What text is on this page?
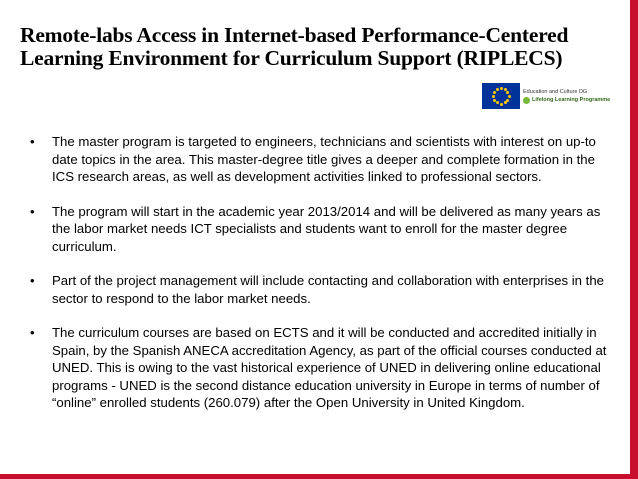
Remote-labs Access in Internet-based Performance-Centered Learning Environment for Curriculum Support (RIPLECS)
Education and Culture DG
Lifelong Learning Programme
• The master program is targeted to engineers, technicians and scientists with interest on up-to date topics in the area. This master-degree title gives a deeper and complete formation in the ICS research areas, as well as development activities linked to professional sectors.
• The program will start in the academic year 2013/2014 and will be delivered as many years as the labor market needs ICT specialists and students want to enroll for the master degree curriculum.
• Part of the project management will include contacting and collaboration with enterprises in the sector to respond to the labor market needs.
• The curriculum courses are based on ECTS and it will be conducted and accredited initially in Spain, by the Spanish ANECA accreditation Agency, as part of the official courses conducted at UNED. This is owing to the vast historical experience of UNED in delivering online educational programs - UNED is the second distance education university in Europe in terms of number of “online” enrolled students (260.079) after the Open University in United Kingdom.
